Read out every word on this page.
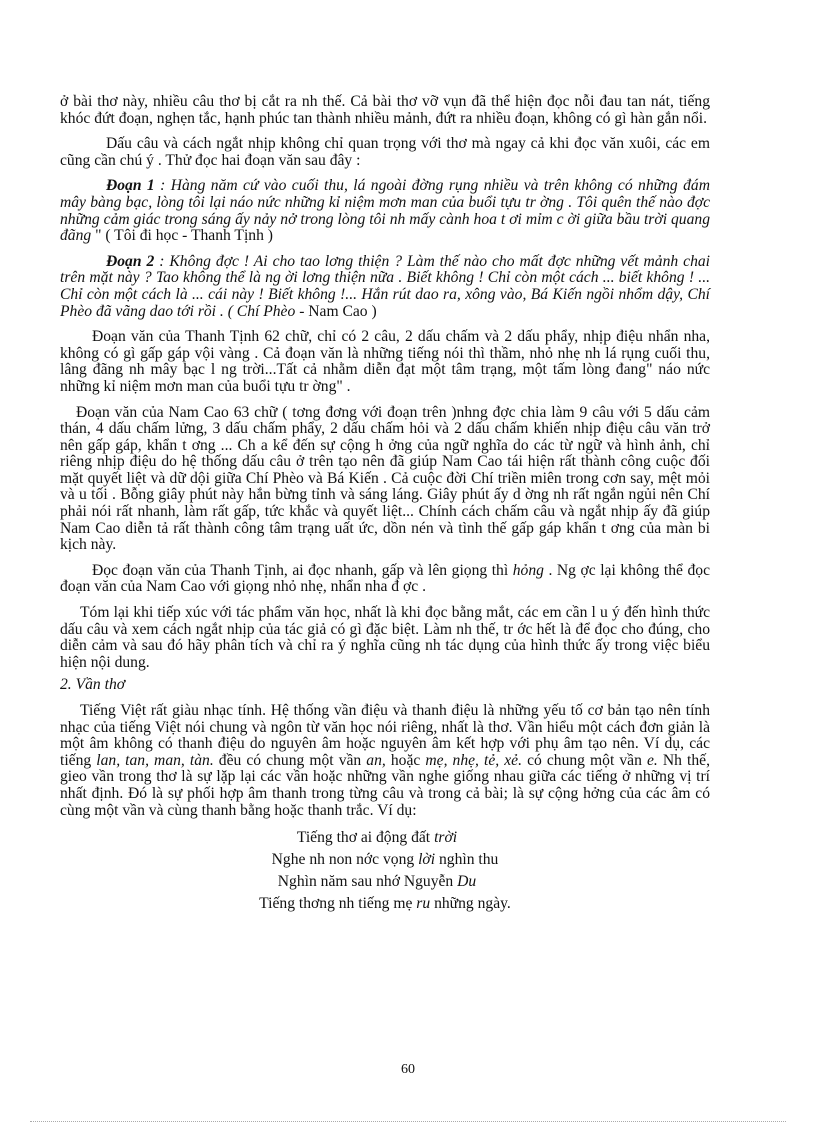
ở bài thơ này, nhiều câu thơ bị cắt ra nh thế. Cả bài thơ vỡ vụn đã thể hiện đọc nỗi đau tan nát, tiếng khóc đứt đoạn, nghẹn tắc, hạnh phúc tan thành nhiều mảnh, đứt ra nhiều đoạn, không có gì hàn gắn nổi.

Dấu câu và cách ngắt nhịp không chỉ quan trọng với thơ mà ngay cả khi đọc văn xuôi, các em cũng cần chú ý . Thử đọc hai đoạn văn sau đây :

Đoạn 1 : Hàng năm cứ vào cuối thu, lá ngoài đờng rụng nhiều và trên không có những đám mây bàng bạc, lòng tôi lại náo nức những kỉ niệm mơn man của buổi tựu tr ờng . Tôi quên thế nào đợc những cảm giác trong sáng ấy nảy nở trong lòng tôi nh mấy cành hoa t ơi mỉm c ời giữa bầu trời quang đãng " ( Tôi đi học - Thanh Tịnh )

Đoạn 2 : Không đợc ! Ai cho tao lơng thiện ? Làm thế nào cho mất đợc những vết mảnh chai trên mặt này ? Tao không thể là ng ời lơng thiện nữa . Biết không ! Chỉ còn một cách ... biết không ! ... Chỉ còn một cách là ... cái này ! Biết không !... Hắn rút dao ra, xông vào, Bá Kiến ngồi nhổm dậy, Chí Phèo đã vãng dao tới rồi . ( Chí Phèo - Nam Cao )

Đoạn văn của Thanh Tịnh 62 chữ, chỉ có 2 câu, 2 dấu chấm và 2 dấu phẩy, nhịp điệu nhẩn nha, không có gì gấp gáp vội vàng . Cả đoạn văn là những tiếng nói thì thầm, nhỏ nhẹ nh lá rụng cuối thu, lâng đãng nh mây bạc l ng trời...Tất cả nhằm diễn đạt một tâm trạng, một tấm lòng đang" náo nức những kỉ niệm mơn man của buổi tựu tr ờng" .

Đoạn văn của Nam Cao 63 chữ ( tơng đơng với đoạn trên )nhng đợc chia làm 9 câu với 5 dấu cảm thán, 4 dấu chấm lửng, 3 dấu chấm phẩy, 2 dấu chấm hỏi và 2 dấu chấm khiến nhịp điệu câu văn trở nên gấp gáp, khẩn t ơng ... Ch a kể đến sự cộng h ởng của ngữ nghĩa do các từ ngữ và hình ảnh, chỉ riêng nhịp điệu do hệ thống dấu câu ở trên tạo nên đã giúp Nam Cao tái hiện rất thành công cuộc đối mặt quyết liệt và dữ dội giữa Chí Phèo và Bá Kiến . Cả cuộc đời Chí triền miên trong cơn say, mệt mỏi và u tối . Bỗng giây phút này hắn bừng tỉnh và sáng láng. Giây phút ấy d ờng nh rất ngắn ngủi nên Chí phải nói rất nhanh, làm rất gấp, tức khắc và quyết liệt... Chính cách chấm câu và ngắt nhịp ấy đã giúp Nam Cao diễn tả rất thành công tâm trạng uất ức, dồn nén và tình thế gấp gáp khẩn t ơng của màn bi kịch này.

Đọc đoạn văn của Thanh Tịnh, ai đọc nhanh, gấp và lên giọng thì hỏng . Ng ợc lại không thể đọc đoạn văn của Nam Cao với giọng nhỏ nhẹ, nhẩn nha đ ợc .

Tóm lại khi tiếp xúc với tác phẩm văn học, nhất là khi đọc bằng mắt, các em cần l u ý đến hình thức dấu câu và xem cách ngắt nhịp của tác giả có gì đặc biệt. Làm nh thế, tr ớc hết là để đọc cho đúng, cho diễn cảm và sau đó hãy phân tích và chỉ ra ý nghĩa cũng nh tác dụng của hình thức ấy trong việc biểu hiện nội dung.

2. Vần thơ

Tiếng Việt rất giàu nhạc tính. Hệ thống vần điệu và thanh điệu là những yếu tố cơ bản tạo nên tính nhạc của tiếng Việt nói chung và ngôn từ văn học nói riêng, nhất là thơ. Vần hiểu một cách đơn giản là một âm không có thanh điệu do nguyên âm hoặc nguyên âm kết hợp với phụ âm tạo nên. Ví dụ, các tiếng lan, tan, man, tàn. đều có chung một vần an, hoặc mẹ, nhẹ, tẻ, xẻ. có chung một vần e. Nh thế, gieo vần trong thơ là sự lặp lại các vần hoặc những vần nghe giống nhau giữa các tiếng ở những vị trí nhất định. Đó là sự phối hợp âm thanh trong từng câu và trong cả bài; là sự cộng hởng của các âm có cùng một vần và cùng thanh bằng hoặc thanh trắc. Ví dụ:

Tiếng thơ ai động đất trời
Nghe nh non nớc vọng lời nghìn thu
Nghìn năm sau nhớ Nguyễn Du
Tiếng thơng nh tiếng mẹ ru những ngày.
60
